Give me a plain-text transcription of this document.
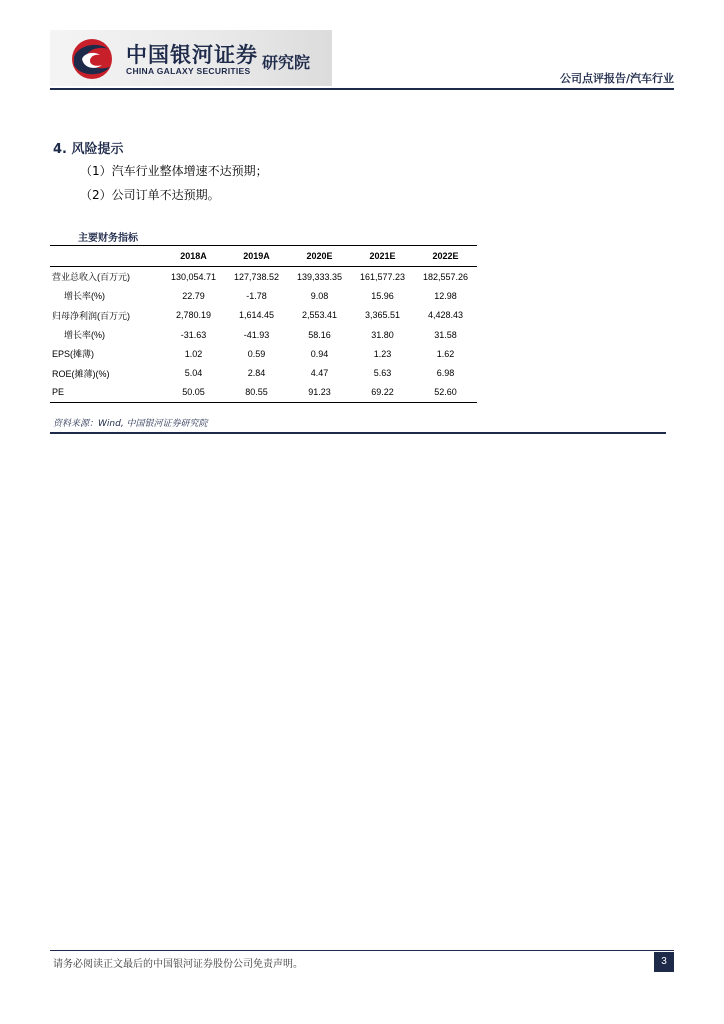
中国银河证券
CHINA GALAXY SECURITIES 研究院
公司点评报告/汽车行业
4. 风险提示
（1）汽车行业整体增速不达预期；
（2）公司订单不达预期。
主要财务指标
	2018A	2019A	2020E	2021E	2022E
营业总收入(百万元)	130,054.71	127,738.52	139,333.35	161,577.23	182,557.26
增长率(%)	22.79	-1.78	9.08	15.96	12.98
归母净利润(百万元)	2,780.19	1,614.45	2,553.41	3,365.51	4,428.43
增长率(%)	-31.63	-41.93	58.16	31.80	31.58
EPS(摊薄)	1.02	0.59	0.94	1.23	1.62
ROE(摊薄)(%)	5.04	2.84	4.47	5.63	6.98
PE	50.05	80.55	91.23	69.22	52.60
资料来源：Wind, 中国银河证券研究院
请务必阅读正文最后的中国银河证券股份公司免责声明。	3
